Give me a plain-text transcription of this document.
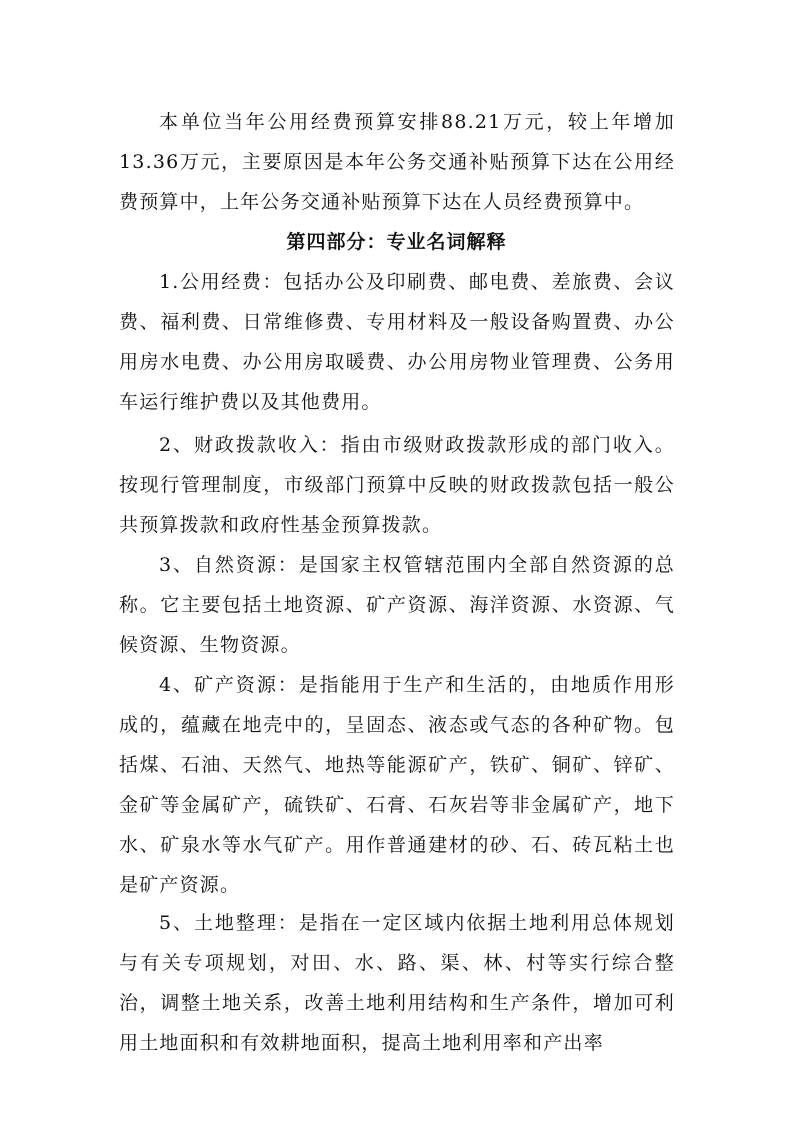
本单位当年公用经费预算安排88.21万元，较上年增加13.36万元，主要原因是本年公务交通补贴预算下达在公用经费预算中，上年公务交通补贴预算下达在人员经费预算中。

第四部分：专业名词解释

1.公用经费：包括办公及印刷费、邮电费、差旅费、会议费、福利费、日常维修费、专用材料及一般设备购置费、办公用房水电费、办公用房取暖费、办公用房物业管理费、公务用车运行维护费以及其他费用。

2、财政拨款收入：指由市级财政拨款形成的部门收入。按现行管理制度，市级部门预算中反映的财政拨款包括一般公共预算拨款和政府性基金预算拨款。

3、自然资源：是国家主权管辖范围内全部自然资源的总称。它主要包括土地资源、矿产资源、海洋资源、水资源、气候资源、生物资源。

4、矿产资源：是指能用于生产和生活的，由地质作用形成的，蕴藏在地壳中的，呈固态、液态或气态的各种矿物。包括煤、石油、天然气、地热等能源矿产，铁矿、铜矿、锌矿、金矿等金属矿产，硫铁矿、石膏、石灰岩等非金属矿产，地下水、矿泉水等水气矿产。用作普通建材的砂、石、砖瓦粘土也是矿产资源。

5、土地整理：是指在一定区域内依据土地利用总体规划与有关专项规划，对田、水、路、渠、林、村等实行综合整治，调整土地关系，改善土地利用结构和生产条件，增加可利用土地面积和有效耕地面积，提高土地利用率和产出率
